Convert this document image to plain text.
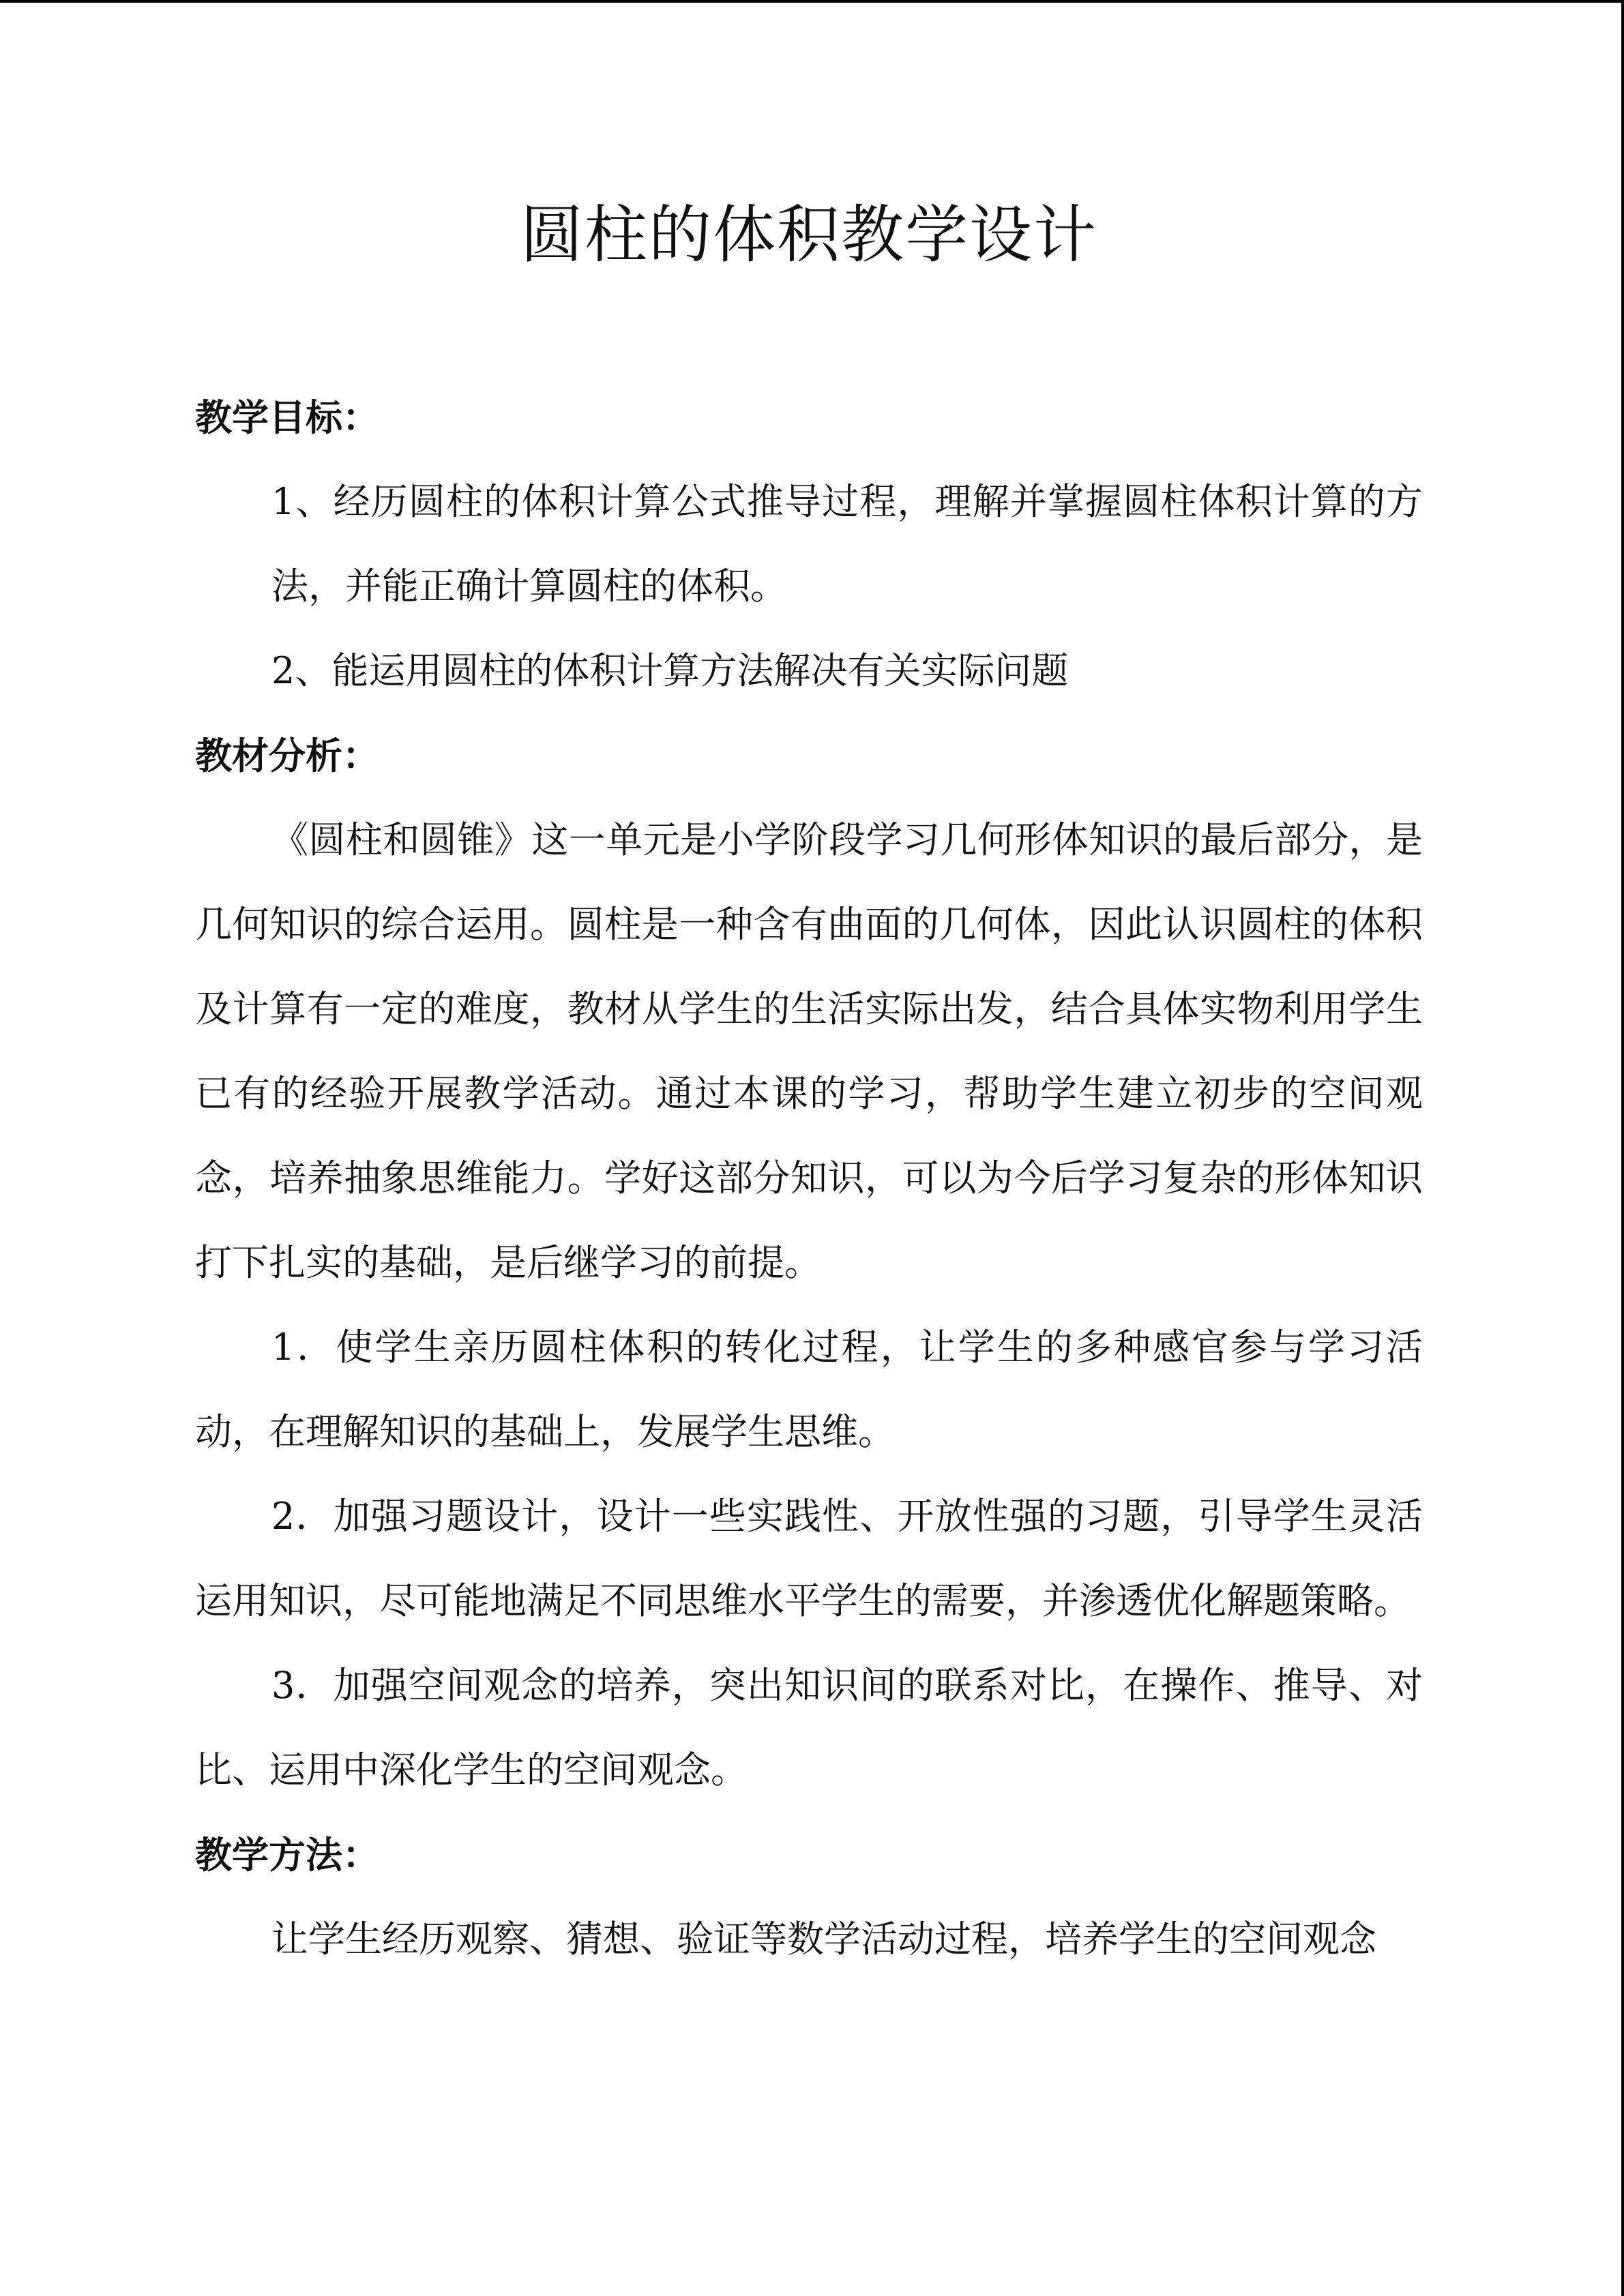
圆柱的体积教学设计

教学目标：

1、经历圆柱的体积计算公式推导过程，理解并掌握圆柱体积计算的方法，并能正确计算圆柱的体积。

2、能运用圆柱的体积计算方法解决有关实际问题

教材分析：

《圆柱和圆锥》这一单元是小学阶段学习几何形体知识的最后部分，是几何知识的综合运用。圆柱是一种含有曲面的几何体，因此认识圆柱的体积及计算有一定的难度，教材从学生的生活实际出发，结合具体实物利用学生已有的经验开展教学活动。通过本课的学习，帮助学生建立初步的空间观念，培养抽象思维能力。学好这部分知识，可以为今后学习复杂的形体知识打下扎实的基础，是后继学习的前提。

1．使学生亲历圆柱体积的转化过程，让学生的多种感官参与学习活动，在理解知识的基础上，发展学生思维。

2．加强习题设计，设计一些实践性、开放性强的习题，引导学生灵活运用知识，尽可能地满足不同思维水平学生的需要，并渗透优化解题策略。

3．加强空间观念的培养，突出知识间的联系对比，在操作、推导、对比、运用中深化学生的空间观念。

教学方法：

让学生经历观察、猜想、验证等数学活动过程，培养学生的空间观念
